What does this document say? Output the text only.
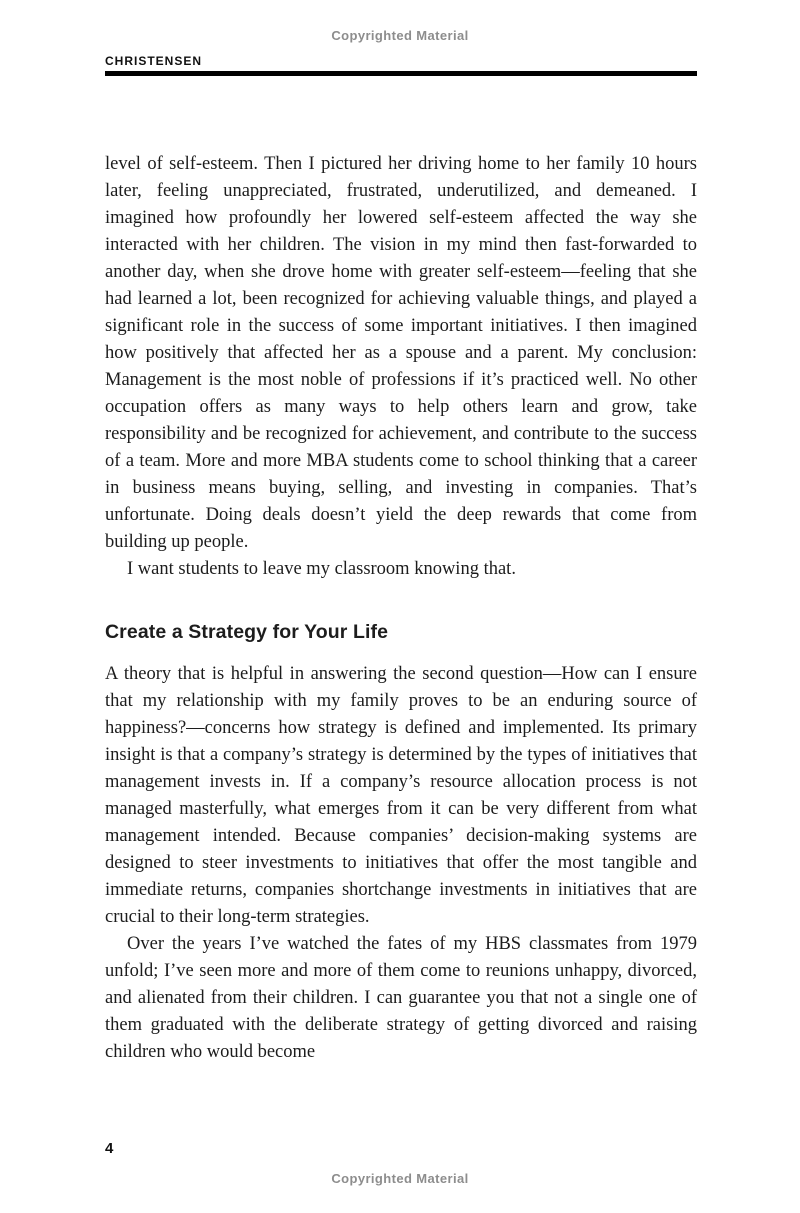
Copyrighted Material
CHRISTENSEN

level of self-esteem. Then I pictured her driving home to her family 10 hours later, feeling unappreciated, frustrated, underutilized, and demeaned. I imagined how profoundly her lowered self-esteem affected the way she interacted with her children. The vision in my mind then fast-forwarded to another day, when she drove home with greater self-esteem—feeling that she had learned a lot, been recognized for achieving valuable things, and played a significant role in the success of some important initiatives. I then imagined how positively that affected her as a spouse and a parent. My conclusion: Management is the most noble of professions if it’s practiced well. No other occupation offers as many ways to help others learn and grow, take responsibility and be recognized for achievement, and contribute to the success of a team. More and more MBA students come to school thinking that a career in business means buying, selling, and investing in companies. That’s unfortunate. Doing deals doesn’t yield the deep rewards that come from building up people.

I want students to leave my classroom knowing that.

Create a Strategy for Your Life

A theory that is helpful in answering the second question—How can I ensure that my relationship with my family proves to be an enduring source of happiness?—concerns how strategy is defined and implemented. Its primary insight is that a company’s strategy is determined by the types of initiatives that management invests in. If a company’s resource allocation process is not managed masterfully, what emerges from it can be very different from what management intended. Because companies’ decision-making systems are designed to steer investments to initiatives that offer the most tangible and immediate returns, companies shortchange investments in initiatives that are crucial to their long-term strategies.

Over the years I’ve watched the fates of my HBS classmates from 1979 unfold; I’ve seen more and more of them come to reunions unhappy, divorced, and alienated from their children. I can guarantee you that not a single one of them graduated with the deliberate strategy of getting divorced and raising children who would become

4
Copyrighted Material
